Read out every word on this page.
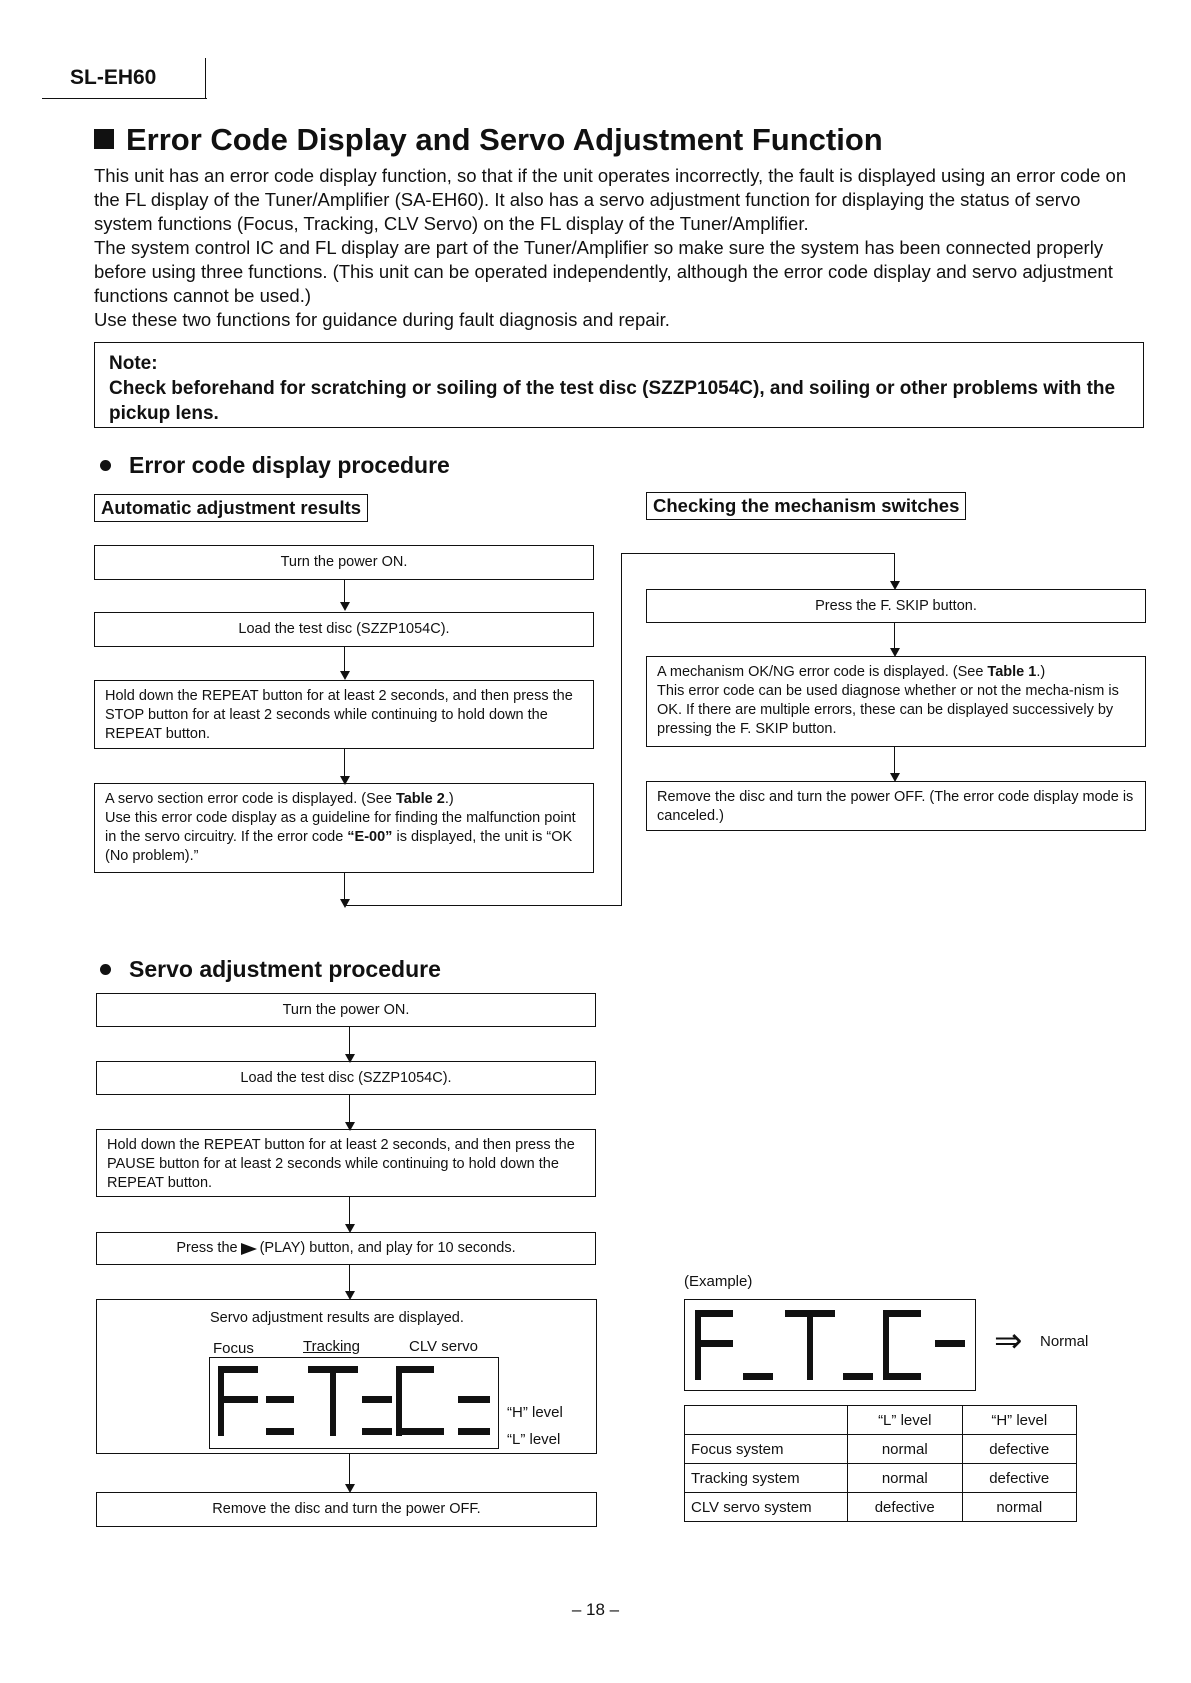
SL-EH60
Error Code Display and Servo Adjustment Function

This unit has an error code display function, so that if the unit operates incorrectly, the fault is displayed using an error code on the FL display of the Tuner/Amplifier (SA-EH60). It also has a servo adjustment function for displaying the status of servo system functions (Focus, Tracking, CLV Servo) on the FL display of the Tuner/Amplifier.

The system control IC and FL display are part of the Tuner/Amplifier so make sure the system has been connected properly before using three functions. (This unit can be operated independently, although the error code display and servo adjustment functions cannot be used.)

Use these two functions for guidance during fault diagnosis and repair.

Note:

Check beforehand for scratching or soiling of the test disc (SZZP1054C), and soiling or other problems with the pickup lens.

Error code display procedure
Automatic adjustment results	Checking the mechanism switches
Turn the power ON.
Load the test disc (SZZP1054C).

Hold down the REPEAT button for at least 2 seconds, and then press the STOP button for at least 2 seconds while continuing to hold down the REPEAT button.

A servo section error code is displayed. (See Table 2.)
Use this error code display as a guideline for finding the malfunction point in the servo circuitry. If the error code “E-00” is displayed, the unit is “OK (No problem).”

Press the F. SKIP button.

A mechanism OK/NG error code is displayed. (See Table 1.)
This error code can be used diagnose whether or not the mecha-nism is OK. If there are multiple errors, these can be displayed successively by pressing the F. SKIP button.

Remove the disc and turn the power OFF. (The error code display mode is canceled.)

Servo adjustment procedure
Turn the power ON.
Load the test disc (SZZP1054C).

Hold down the REPEAT button for at least 2 seconds, and then press the PAUSE button for at least 2 seconds while continuing to hold down the REPEAT button.

Press the (PLAY) button, and play for 10 seconds.
Servo adjustment results are displayed.
Focus	Tracking	CLV servo
“H” level
“L” level
Remove the disc and turn the power OFF.
(Example)
⇒ Normal
	“L” level	“H” level
Focus system	normal	defective
Tracking system	normal	defective
CLV servo system	defective	normal
– 18 –
